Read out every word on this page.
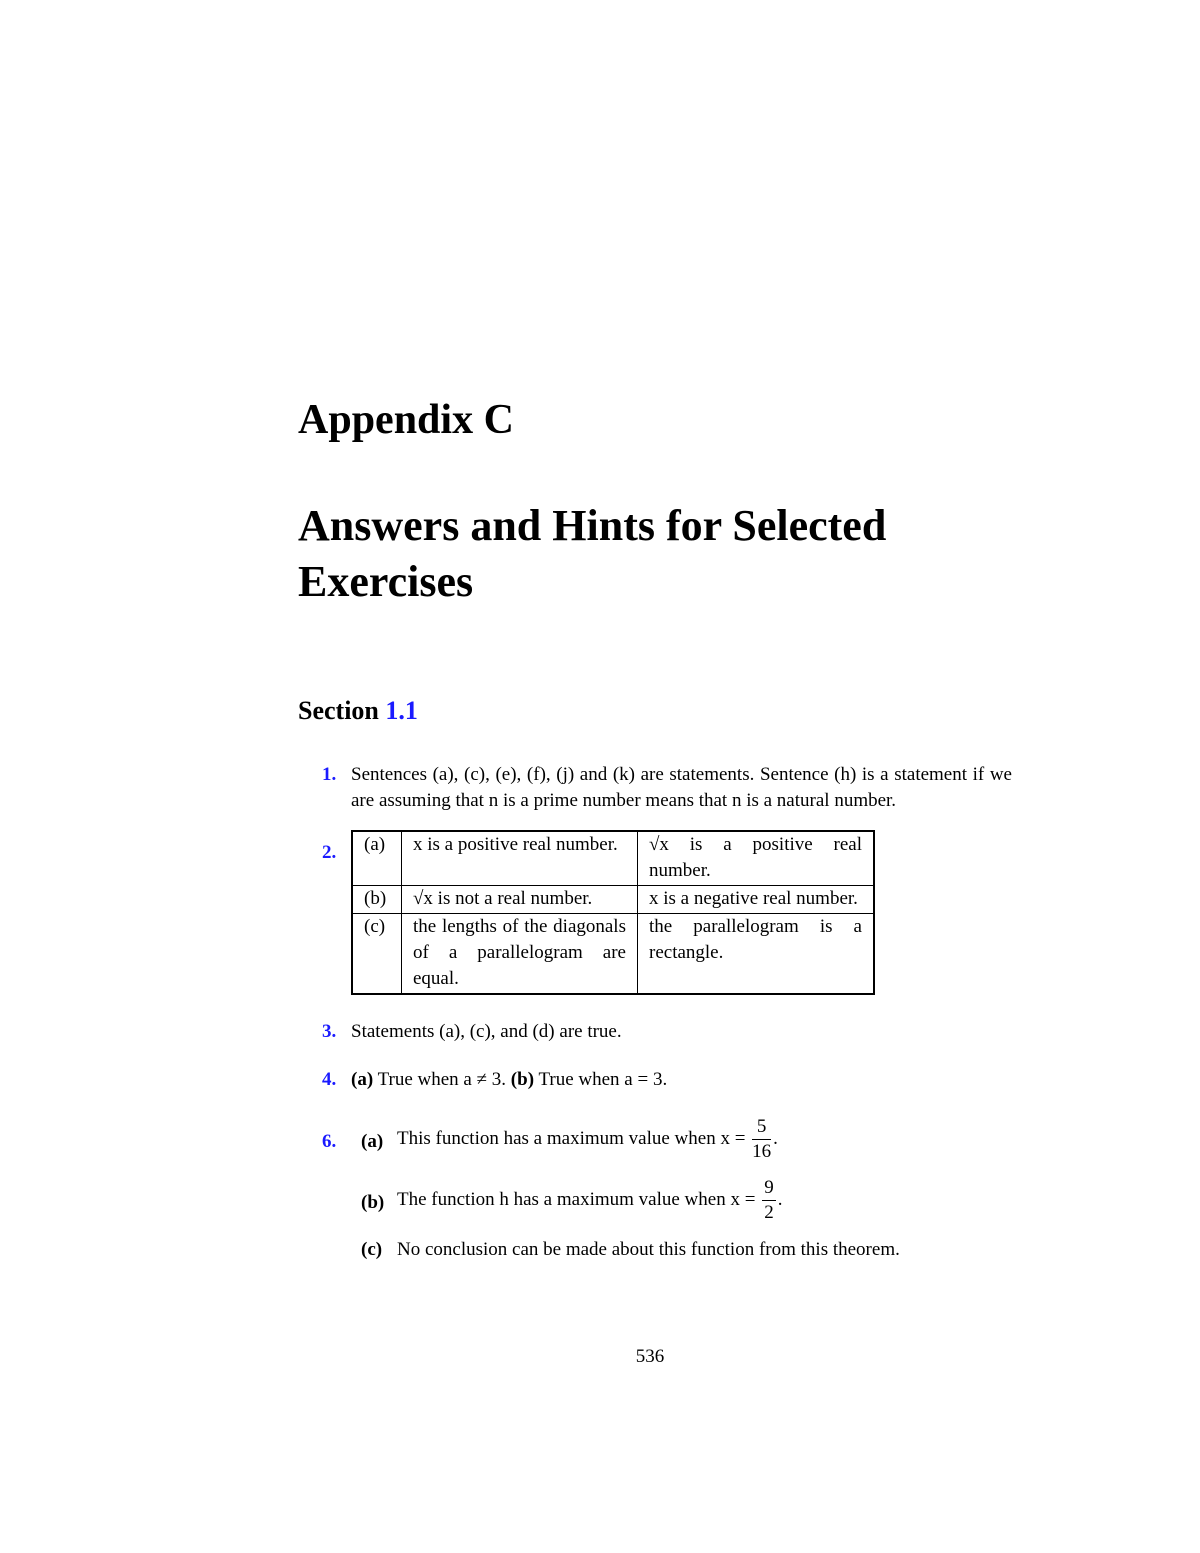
Appendix C
Answers and Hints for Selected Exercises
Section 1.1
1. Sentences (a), (c), (e), (f), (j) and (k) are statements. Sentence (h) is a statement if we are assuming that n is a prime number means that n is a natural number.
2. (a)	x is a positive real number.	√x is a positive real number.
(b)	√x is not a real number.	x is a negative real number.
(c)	the lengths of the diagonals of a parallelogram are equal.	the parallelogram is a rectangle.
3. Statements (a), (c), and (d) are true.
4. (a) True when a ≠ 3. (b) True when a = 3.
6. (a) This function has a maximum value when $x = \frac{5}{16}$ .
(b) The function h has a maximum value when $x = \frac{9}{2}$ .
(c) No conclusion can be made about this function from this theorem.
536
